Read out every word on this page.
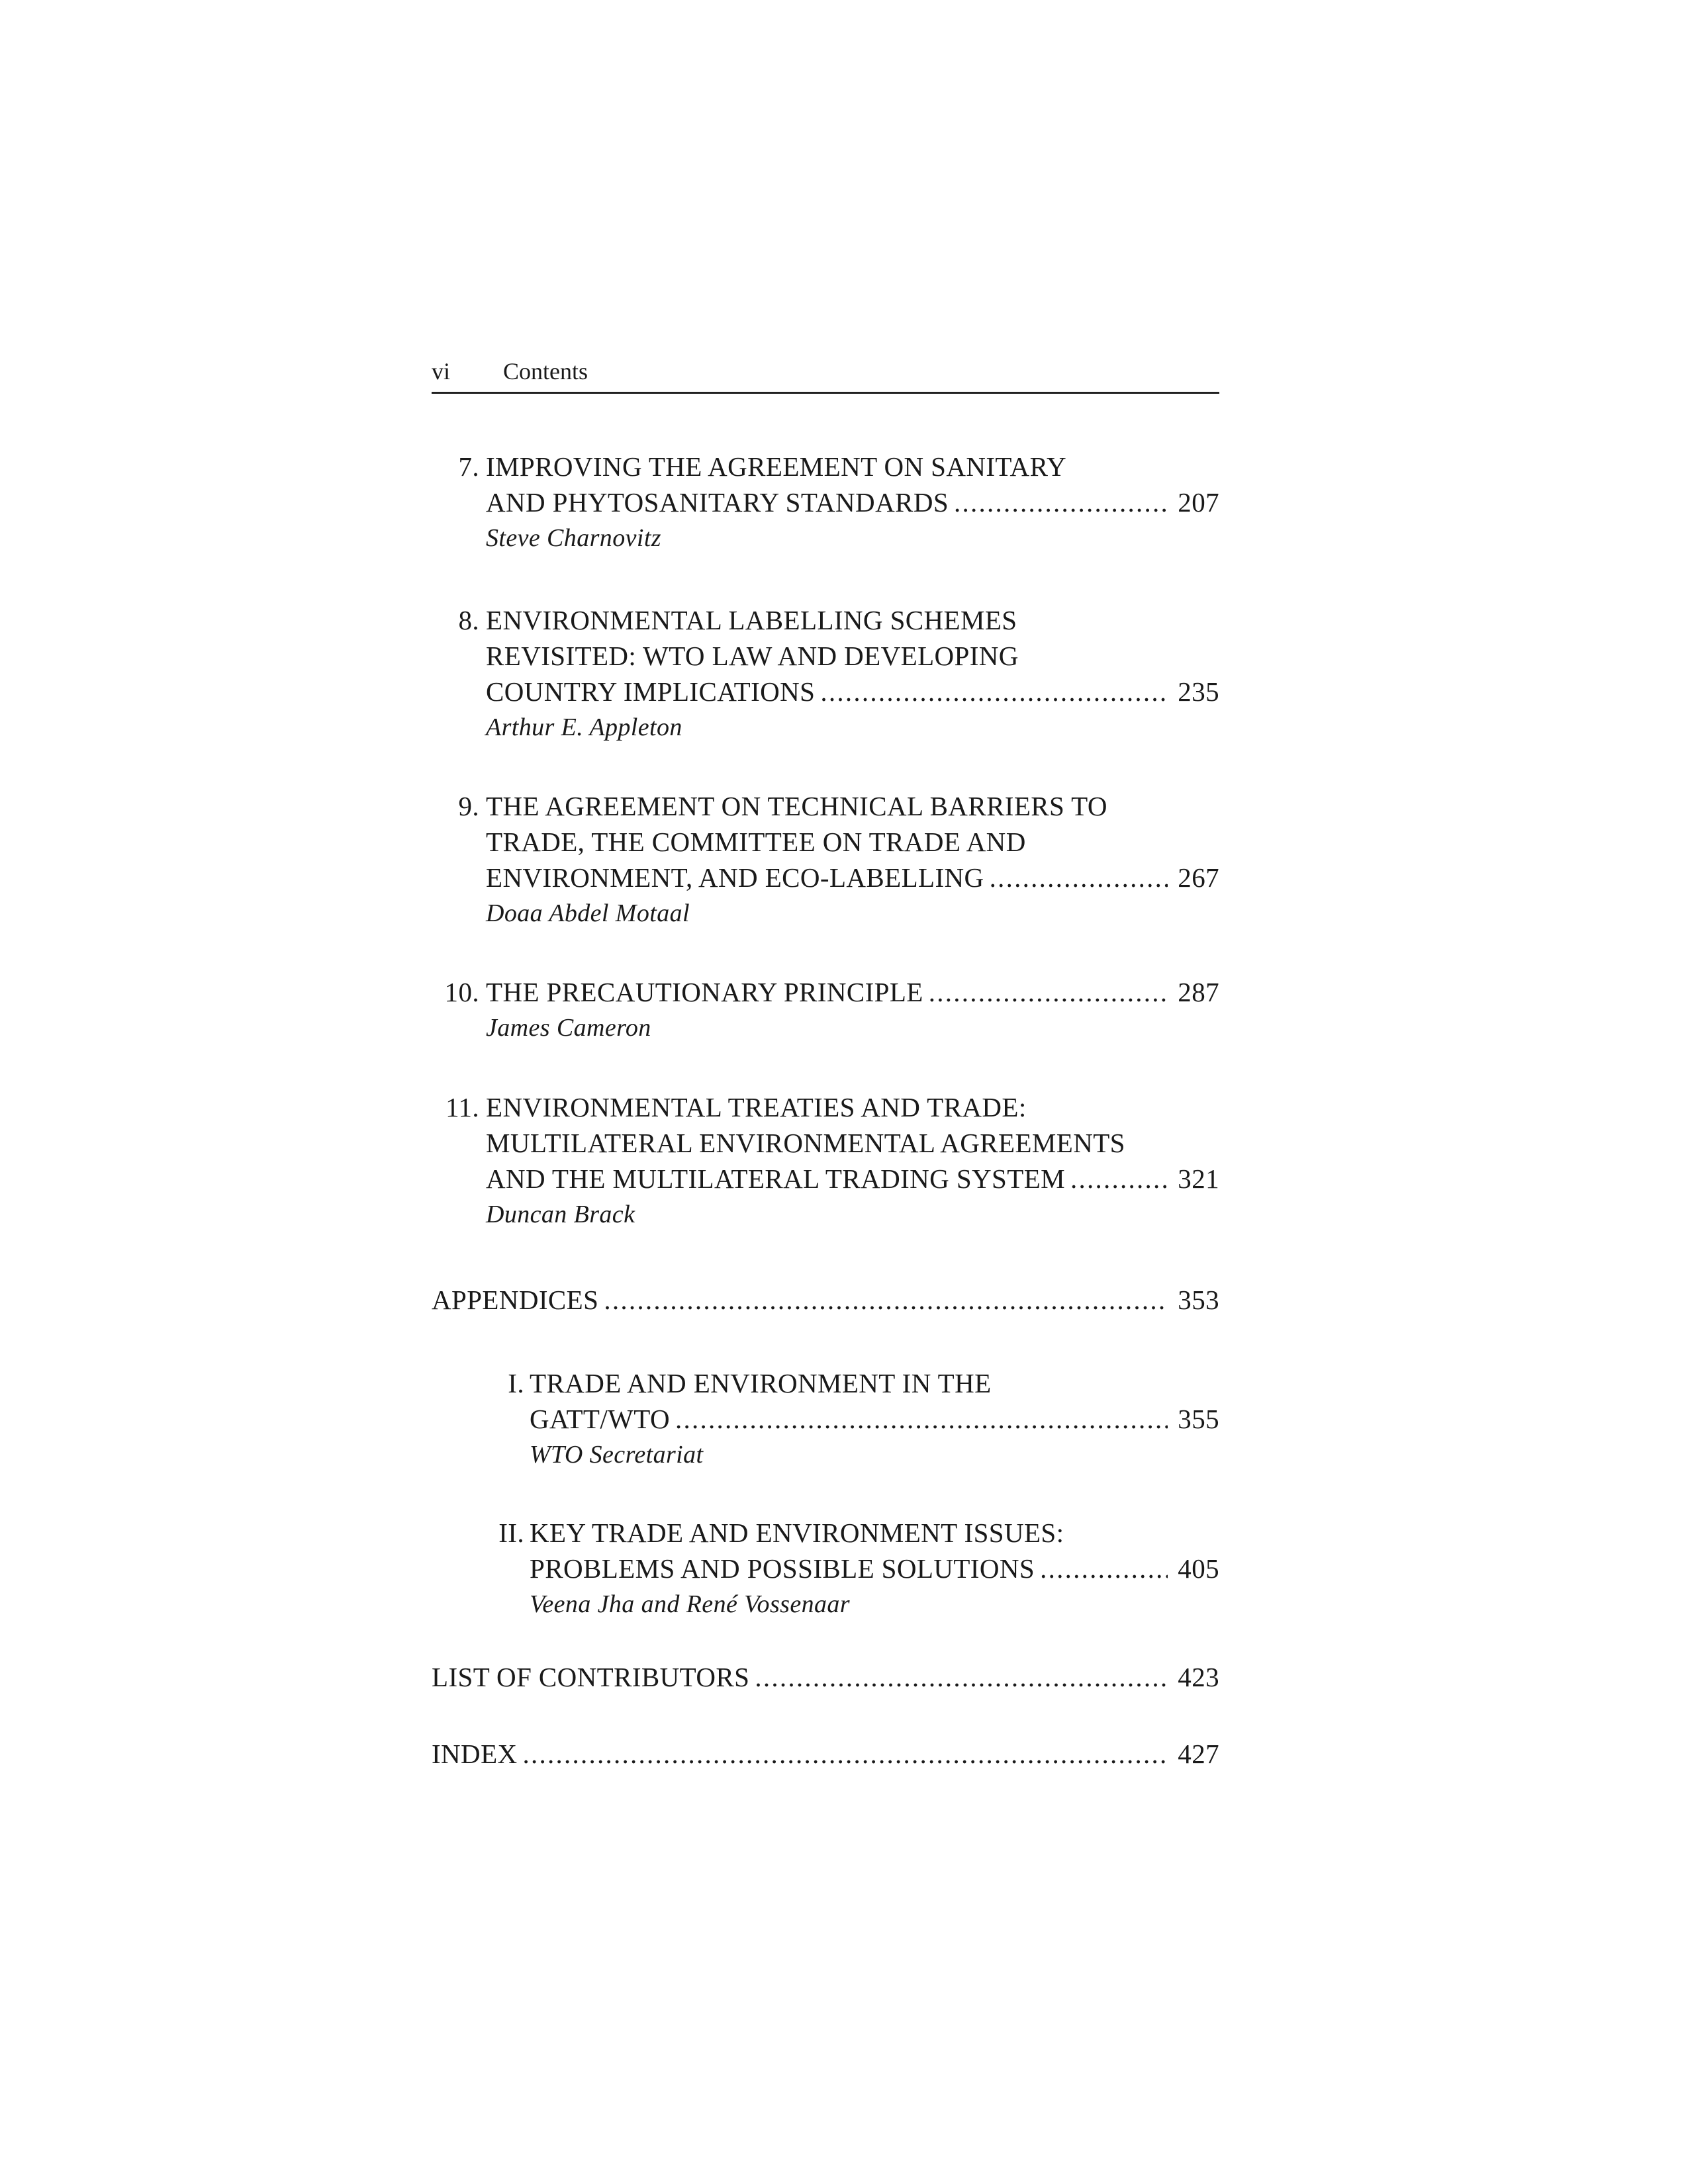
vi Contents
7. IMPROVING THE AGREEMENT ON SANITARY
AND PHYTOSANITARY STANDARDS . . .	207
Steve Charnovitz
8. ENVIRONMENTAL LABELLING SCHEMES
REVISITED: WTO LAW AND DEVELOPING
COUNTRY IMPLICATIONS . . .	235
Arthur E. Appleton
9. THE AGREEMENT ON TECHNICAL BARRIERS TO
TRADE, THE COMMITTEE ON TRADE AND
ENVIRONMENT, AND ECO-LABELLING . . .	267
Doaa Abdel Motaal
10. THE PRECAUTIONARY PRINCIPLE . . .	287
James Cameron
11. ENVIRONMENTAL TREATIES AND TRADE:
MULTILATERAL ENVIRONMENTAL AGREEMENTS
AND THE MULTILATERAL TRADING SYSTEM . . .	321
Duncan Brack
APPENDICES . . .	353
I. TRADE AND ENVIRONMENT IN THE
GATT/WTO . . .	355
WTO Secretariat
II. KEY TRADE AND ENVIRONMENT ISSUES:
PROBLEMS AND POSSIBLE SOLUTIONS . . .	405
Veena Jha and René Vossenaar
LIST OF CONTRIBUTORS . . .	423
INDEX . . .	427
